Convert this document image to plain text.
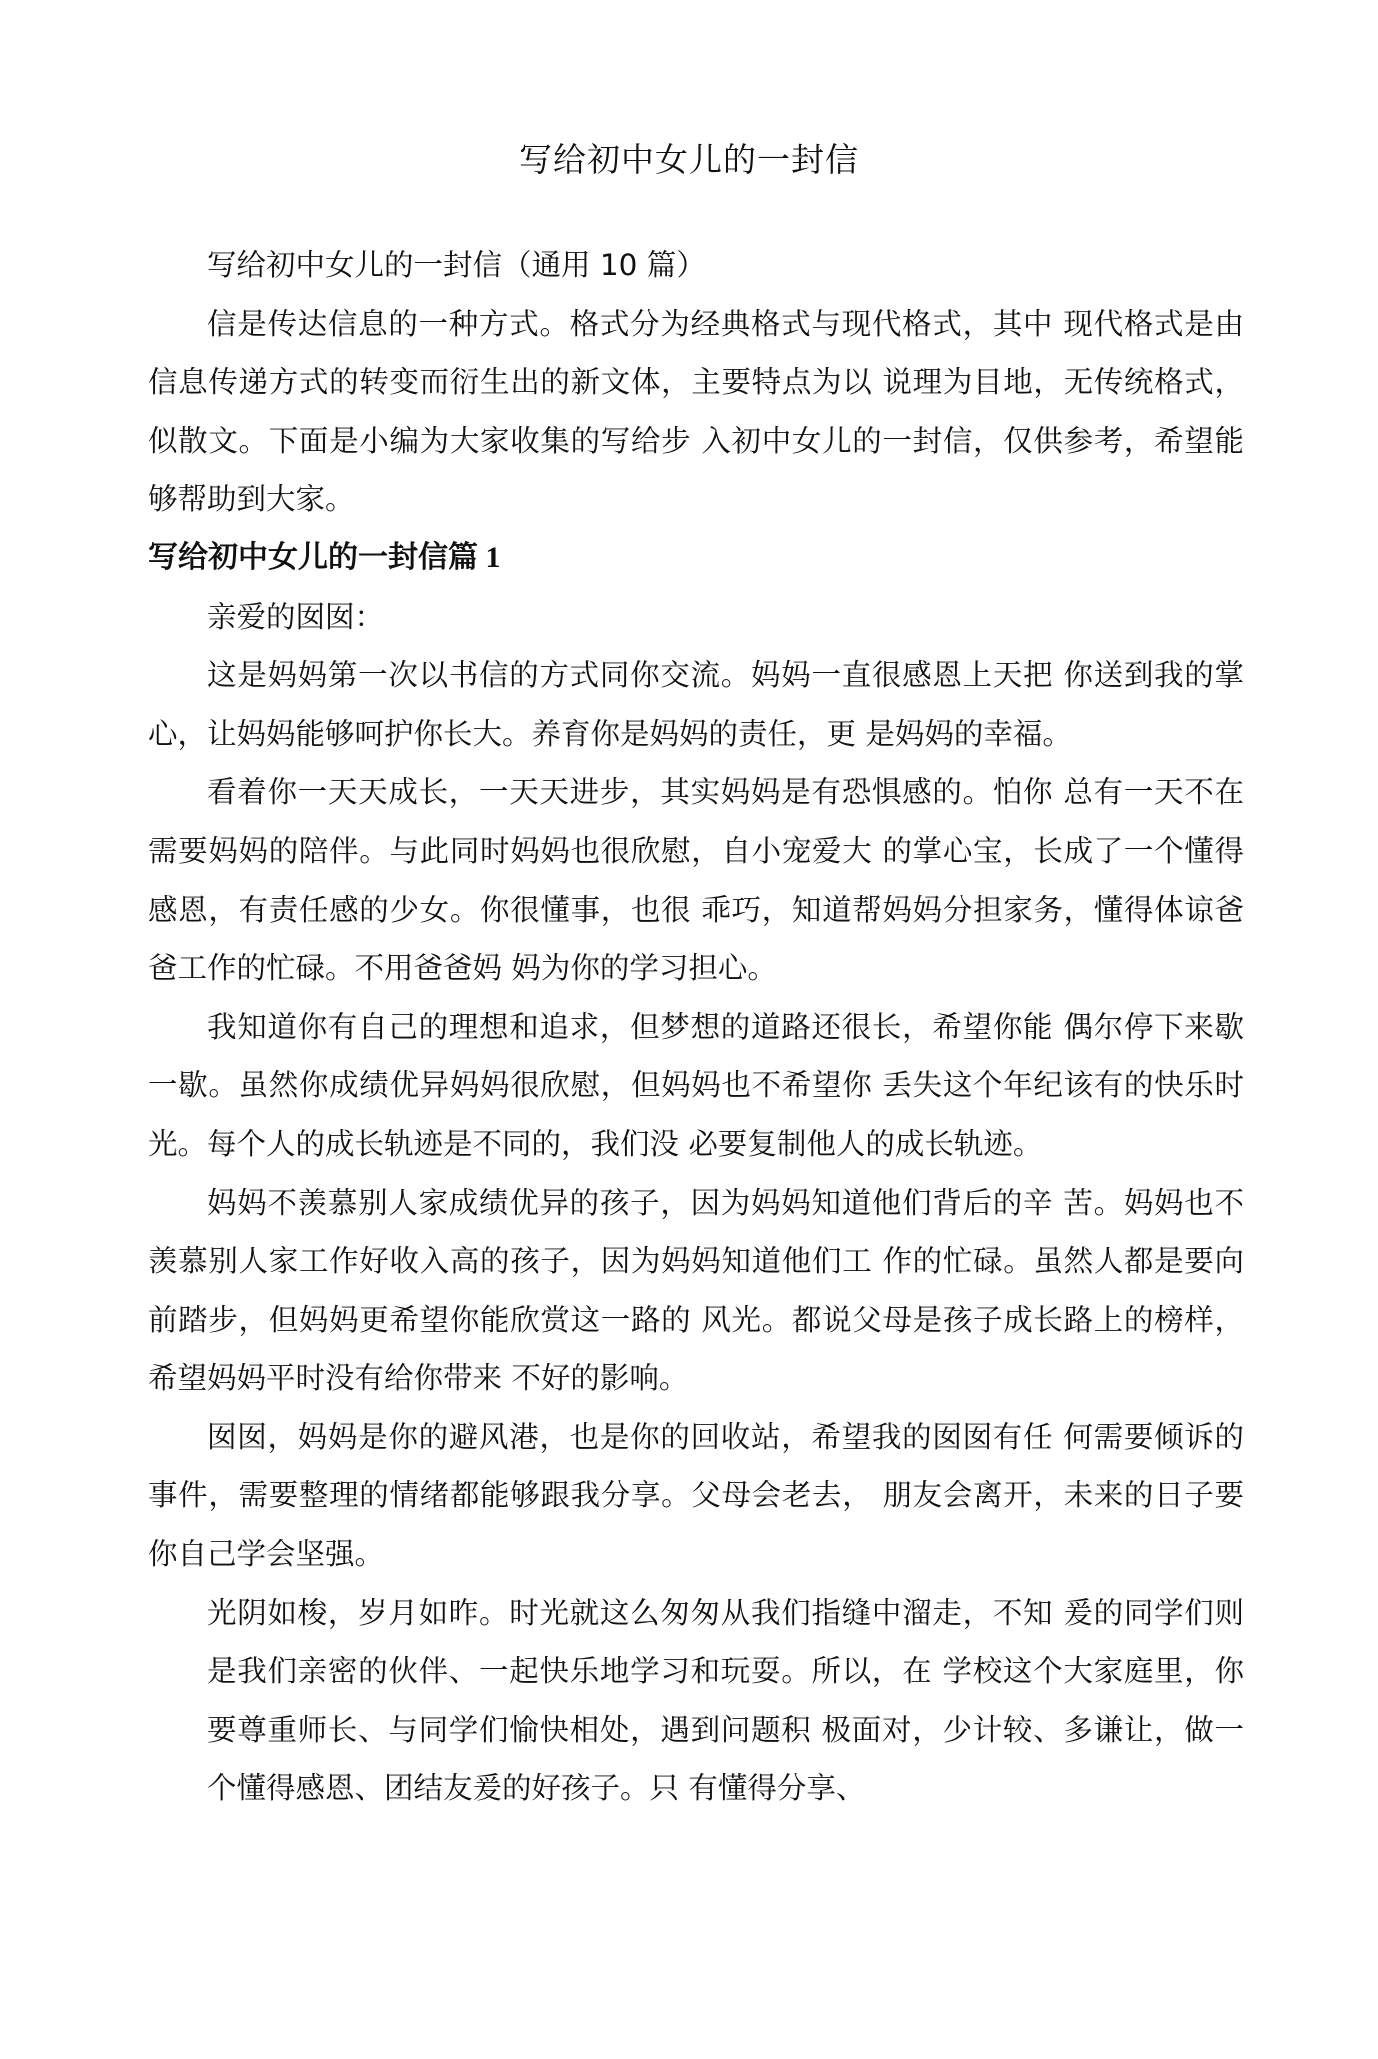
写给初中女儿的一封信

写给初中女儿的一封信（通用 10 篇）

信是传达信息的一种方式。格式分为经典格式与现代格式，其中 现代格式是由信息传递方式的转变而衍生出的新文体，主要特点为以 说理为目地，无传统格式，似散文。下面是小编为大家收集的写给步 入初中女儿的一封信，仅供参考，希望能够帮助到大家。

写给初中女儿的一封信篇 1

亲爱的囡囡：

这是妈妈第一次以书信的方式同你交流。妈妈一直很感恩上天把 你送到我的掌心，让妈妈能够呵护你长大。养育你是妈妈的责任，更 是妈妈的幸福。

看着你一天天成长，一天天进步，其实妈妈是有恐惧感的。怕你 总有一天不在需要妈妈的陪伴。与此同时妈妈也很欣慰，自小宠爱大 的掌心宝，长成了一个懂得感恩，有责任感的少女。你很懂事，也很 乖巧，知道帮妈妈分担家务，懂得体谅爸爸工作的忙碌。不用爸爸妈 妈为你的学习担心。

我知道你有自己的理想和追求，但梦想的道路还很长，希望你能 偶尔停下来歇一歇。虽然你成绩优异妈妈很欣慰，但妈妈也不希望你 丢失这个年纪该有的快乐时光。每个人的成长轨迹是不同的，我们没 必要复制他人的成长轨迹。

妈妈不羡慕别人家成绩优异的孩子，因为妈妈知道他们背后的辛 苦。妈妈也不羡慕别人家工作好收入高的孩子，因为妈妈知道他们工 作的忙碌。虽然人都是要向前踏步，但妈妈更希望你能欣赏这一路的 风光。都说父母是孩子成长路上的榜样，希望妈妈平时没有给你带来 不好的影响。

囡囡，妈妈是你的避风港，也是你的回收站，希望我的囡囡有任 何需要倾诉的事件，需要整理的情绪都能够跟我分享。父母会老去， 朋友会离开，未来的日子要你自己学会坚强。

光阴如梭，岁月如昨。时光就这么匆匆从我们指缝中溜走，不知 爰的同学们则是我们亲密的伙伴、一起快乐地学习和玩耍。所以，在 学校这个大家庭里，你要尊重师长、与同学们愉快相处，遇到问题积 极面对，少计较、多谦让，做一个懂得感恩、团结友爰的好孩子。只 有懂得分享、
